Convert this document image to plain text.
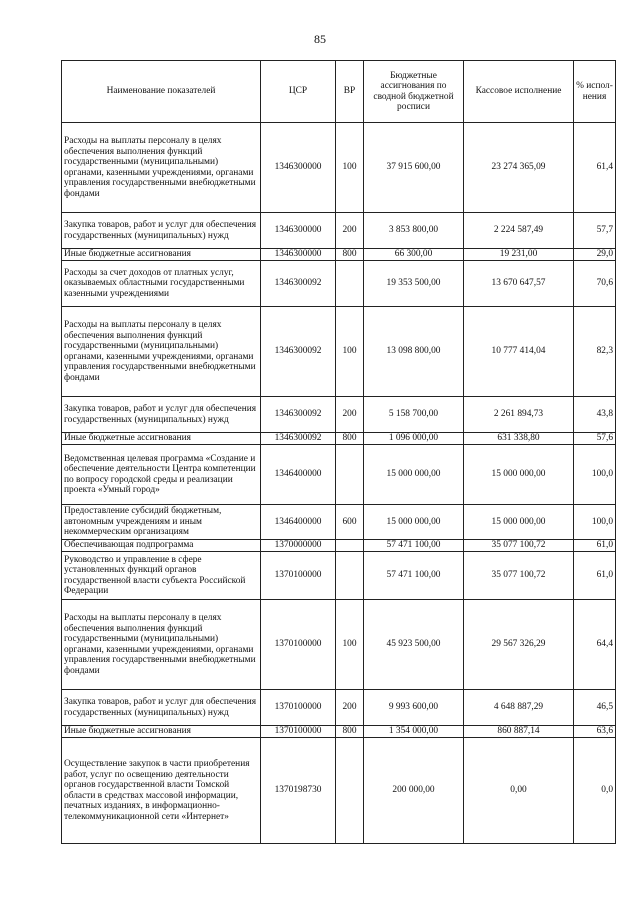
85
Наименование показателей	ЦСР	ВР	Бюджетные ассигнования по сводной бюджетной росписи	Кассовое исполнение	% испол-нения
Расходы на выплаты персоналу в целях обеспечения выполнения функций государственными (муниципальными) органами, казенными учреждениями, органами управления государственными внебюджетными фондами	1346300000	100	37 915 600,00	23 274 365,09	61,4
Закупка товаров, работ и услуг для обеспечения государственных (муниципальных) нужд	1346300000	200	3 853 800,00	2 224 587,49	57,7
Иные бюджетные ассигнования	1346300000	800	66 300,00	19 231,00	29,0
Расходы за счет доходов от платных услуг, оказываемых областными государственными казенными учреждениями	1346300092		19 353 500,00	13 670 647,57	70,6
Расходы на выплаты персоналу в целях обеспечения выполнения функций государственными (муниципальными) органами, казенными учреждениями, органами управления государственными внебюджетными фондами	1346300092	100	13 098 800,00	10 777 414,04	82,3
Закупка товаров, работ и услуг для обеспечения государственных (муниципальных) нужд	1346300092	200	5 158 700,00	2 261 894,73	43,8
Иные бюджетные ассигнования	1346300092	800	1 096 000,00	631 338,80	57,6
Ведомственная целевая программа «Создание и обеспечение деятельности Центра компетенции по вопросу городской среды и реализации проекта «Умный город»	1346400000		15 000 000,00	15 000 000,00	100,0
Предоставление субсидий бюджетным, автономным учреждениям и иным некоммерческим организациям	1346400000	600	15 000 000,00	15 000 000,00	100,0
Обеспечивающая подпрограмма	1370000000		57 471 100,00	35 077 100,72	61,0
Руководство и управление в сфере установленных функций органов государственной власти субъекта Российской Федерации	1370100000		57 471 100,00	35 077 100,72	61,0
Расходы на выплаты персоналу в целях обеспечения выполнения функций государственными (муниципальными) органами, казенными учреждениями, органами управления государственными внебюджетными фондами	1370100000	100	45 923 500,00	29 567 326,29	64,4
Закупка товаров, работ и услуг для обеспечения государственных (муниципальных) нужд	1370100000	200	9 993 600,00	4 648 887,29	46,5
Иные бюджетные ассигнования	1370100000	800	1 354 000,00	860 887,14	63,6
Осуществление закупок в части приобретения работ, услуг по освещению деятельности органов государственной власти Томской области в средствах массовой информации, печатных изданиях, в информационно-телекоммуникационной сети «Интернет»	1370198730		200 000,00	0,00	0,0
